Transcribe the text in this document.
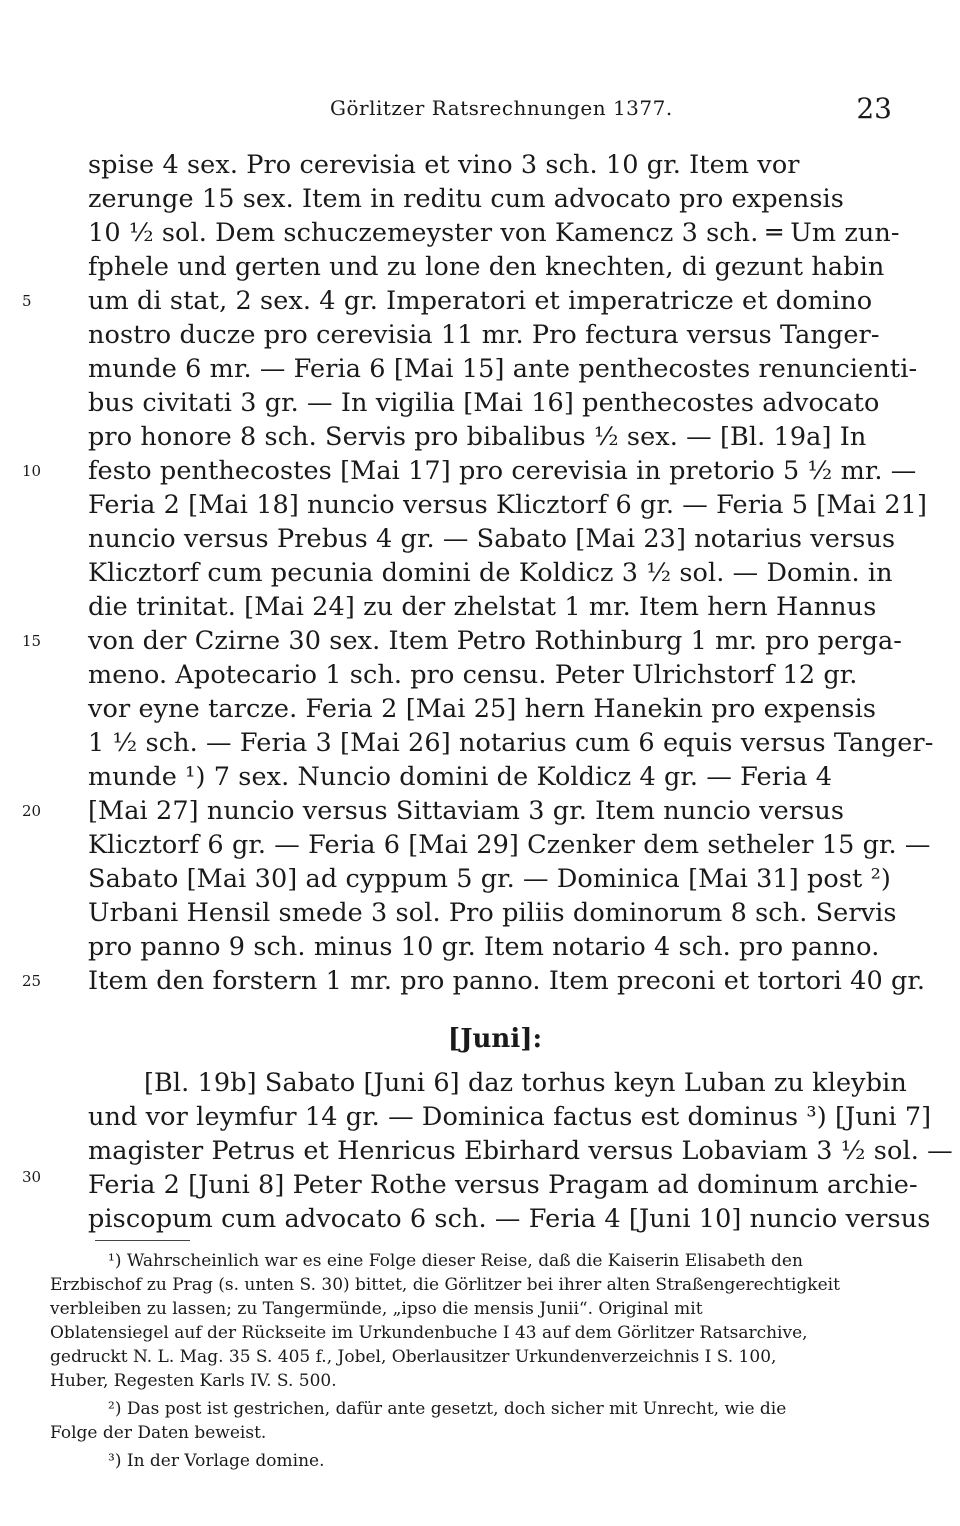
Görlitzer Ratsrechnungen 1377.	23
spise 4 sex. Pro cerevisia et vino 3 sch. 10 gr. Item vor
zerunge 15 sex. Item in reditu cum advocato pro expensis
10 ½ sol. Dem schuczemeyster von Kamencz 3 sch. ═ Um zun-
fphele und gerten und zu lone den knechten, di gezunt habin
um di stat, 2 sex. 4 gr. Imperatori et imperatricze et domino
nostro ducze pro cerevisia 11 mr. Pro fectura versus Tanger-
munde 6 mr. — Feria 6 [Mai 15] ante penthecostes renuncienti-
bus civitati 3 gr. — In vigilia [Mai 16] penthecostes advocato
pro honore 8 sch. Servis pro bibalibus ½ sex. — [Bl. 19a] In
festo penthecostes [Mai 17] pro cerevisia in pretorio 5 ½ mr. —
Feria 2 [Mai 18] nuncio versus Klicztorf 6 gr. — Feria 5 [Mai 21]
nuncio versus Prebus 4 gr. — Sabato [Mai 23] notarius versus
Klicztorf cum pecunia domini de Koldicz 3 ½ sol. — Domin. in
die trinitat. [Mai 24] zu der zhelstat 1 mr. Item hern Hannus
von der Czirne 30 sex. Item Petro Rothinburg 1 mr. pro perga-
meno. Apotecario 1 sch. pro censu. Peter Ulrichstorf 12 gr.
vor eyne tarcze. Feria 2 [Mai 25] hern Hanekin pro expensis
1 ½ sch. — Feria 3 [Mai 26] notarius cum 6 equis versus Tanger-
munde ¹) 7 sex. Nuncio domini de Koldicz 4 gr. — Feria 4
[Mai 27] nuncio versus Sittaviam 3 gr. Item nuncio versus
Klicztorf 6 gr. — Feria 6 [Mai 29] Czenker dem setheler 15 gr. —
Sabato [Mai 30] ad cyppum 5 gr. — Dominica [Mai 31] post ²)
Urbani Hensil smede 3 sol. Pro piliis dominorum 8 sch. Servis
pro panno 9 sch. minus 10 gr. Item notario 4 sch. pro panno.
Item den forstern 1 mr. pro panno. Item preconi et tortori 40 gr.
5
10
15
20
25
30
[Juni]:
[Bl. 19b] Sabato [Juni 6] daz torhus keyn Luban zu kleybin
und vor leymfur 14 gr. — Dominica factus est dominus ³) [Juni 7]
magister Petrus et Henricus Ebirhard versus Lobaviam 3 ½ sol. —
Feria 2 [Juni 8] Peter Rothe versus Pragam ad dominum archie-
piscopum cum advocato 6 sch. — Feria 4 [Juni 10] nuncio versus
¹) Wahrscheinlich war es eine Folge dieser Reise, daß die Kaiserin Elisabeth den
Erzbischof zu Prag (s. unten S. 30) bittet, die Görlitzer bei ihrer alten Straßengerechtigkeit
verbleiben zu lassen; zu Tangermünde, „ipso die mensis Junii“. Original mit
Oblatensiegel auf der Rückseite im Urkundenbuche I 43 auf dem Görlitzer Ratsarchive,
gedruckt N. L. Mag. 35 S. 405 f., Jobel, Oberlausitzer Urkundenverzeichnis I S. 100,
Huber, Regesten Karls IV. S. 500.
²) Das post ist gestrichen, dafür ante gesetzt, doch sicher mit Unrecht, wie die
Folge der Daten beweist.
³) In der Vorlage domine.
